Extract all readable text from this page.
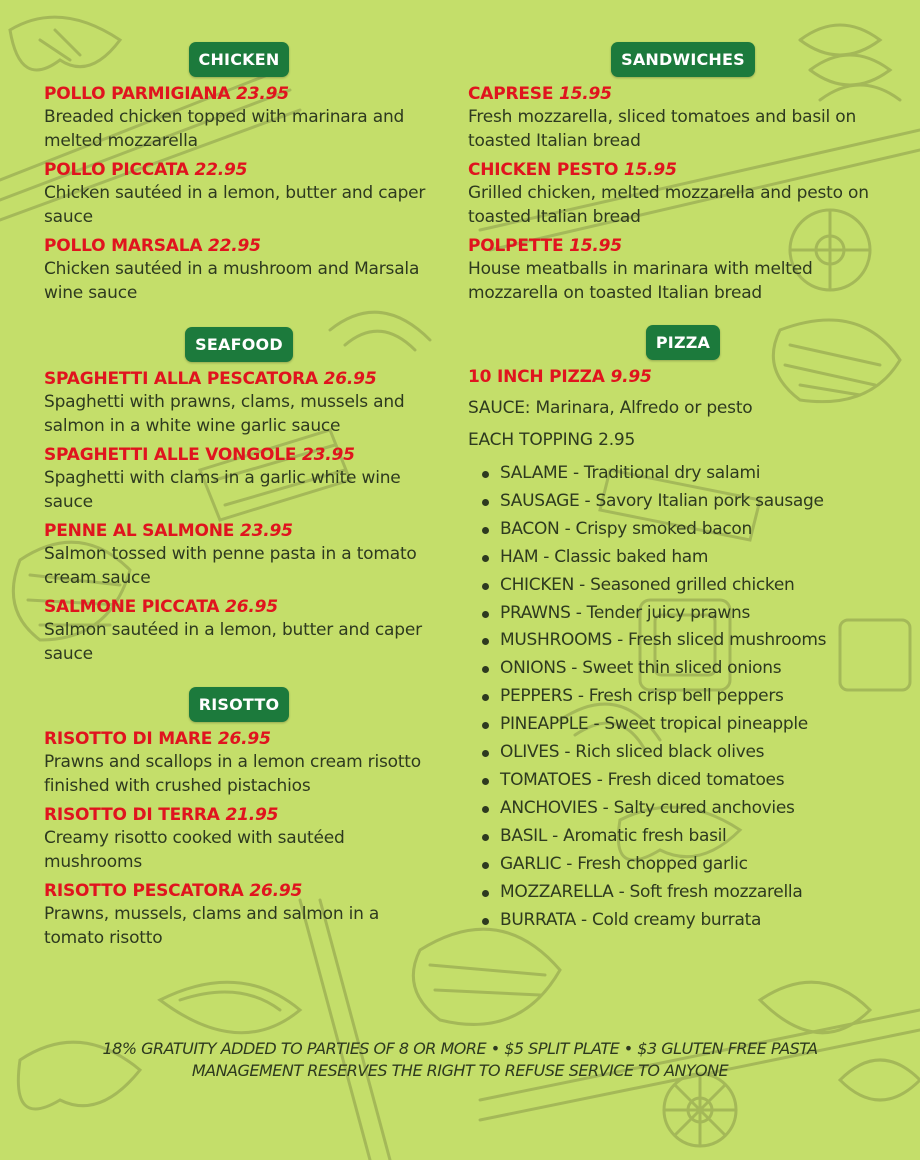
CHICKEN
POLLO PARMIGIANA 23.95
Breaded chicken topped with marinara and melted mozzarella
POLLO PICCATA 22.95
Chicken sautéed in a lemon, butter and caper sauce
POLLO MARSALA 22.95
Chicken sautéed in a mushroom and Marsala wine sauce
SEAFOOD
SPAGHETTI ALLA PESCATORA 26.95
Spaghetti with prawns, clams, mussels and salmon in a white wine garlic sauce
SPAGHETTI ALLE VONGOLE 23.95
Spaghetti with clams in a garlic white wine sauce
PENNE AL SALMONE 23.95
Salmon tossed with penne pasta in a tomato cream sauce
SALMONE PICCATA 26.95
Salmon sautéed in a lemon, butter and caper sauce
RISOTTO
RISOTTO DI MARE 26.95
Prawns and scallops in a lemon cream risotto finished with crushed pistachios
RISOTTO DI TERRA 21.95
Creamy risotto cooked with sautéed mushrooms
RISOTTO PESCATORA 26.95
Prawns, mussels, clams and salmon in a tomato risotto
SANDWICHES
CAPRESE 15.95
Fresh mozzarella, sliced tomatoes and basil on toasted Italian bread
CHICKEN PESTO 15.95
Grilled chicken, melted mozzarella and pesto on toasted Italian bread
POLPETTE 15.95
House meatballs in marinara with melted mozzarella on toasted Italian bread
PIZZA
10 INCH PIZZA 9.95
SAUCE: Marinara, Alfredo or pesto
EACH TOPPING 2.95
SALAME - Traditional dry salami
SAUSAGE - Savory Italian pork sausage
BACON - Crispy smoked bacon
HAM - Classic baked ham
CHICKEN - Seasoned grilled chicken
PRAWNS - Tender juicy prawns
MUSHROOMS - Fresh sliced mushrooms
ONIONS - Sweet thin sliced onions
PEPPERS - Fresh crisp bell peppers
PINEAPPLE - Sweet tropical pineapple
OLIVES - Rich sliced black olives
TOMATOES - Fresh diced tomatoes
ANCHOVIES - Salty cured anchovies
BASIL - Aromatic fresh basil
GARLIC - Fresh chopped garlic
MOZZARELLA - Soft fresh mozzarella
BURRATA - Cold creamy burrata
18% GRATUITY ADDED TO PARTIES OF 8 OR MORE • $5 SPLIT PLATE • $3 GLUTEN FREE PASTA
MANAGEMENT RESERVES THE RIGHT TO REFUSE SERVICE TO ANYONE
